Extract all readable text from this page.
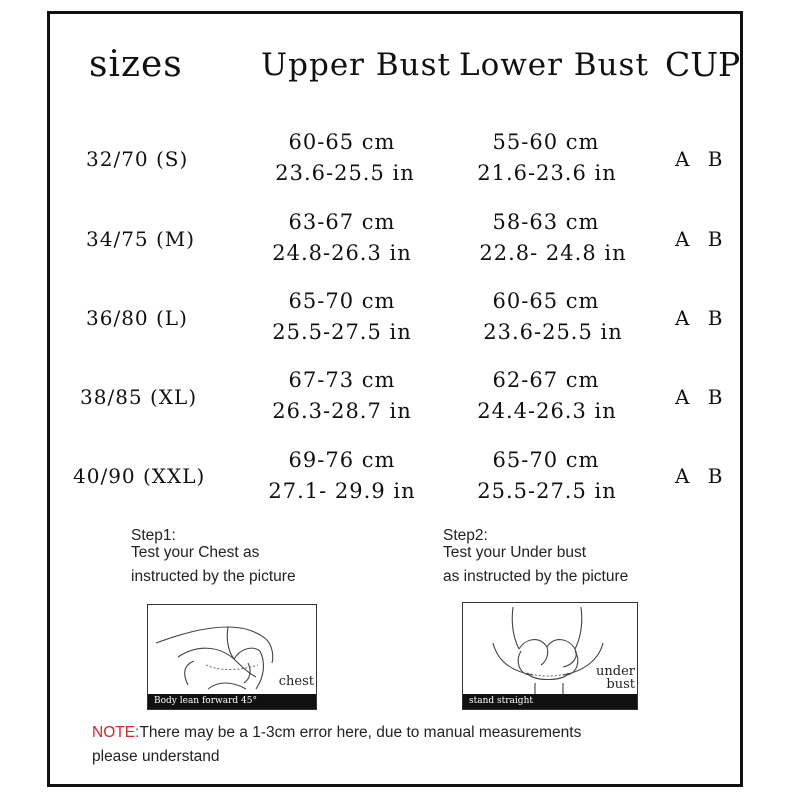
sizes	Upper Bust Lower Bust CUP
32/70 (S)
60-65 cm
23.6-25.5 in
55-60 cm
21.6-23.6 in
A B
34/75 (M)
63-67 cm
24.8-26.3 in
58-63 cm
22.8- 24.8 in
A B
36/80 (L)
65-70 cm
25.5-27.5 in
60-65 cm
23.6-25.5 in
A B
38/85 (XL)
67-73 cm
26.3-28.7 in
62-67 cm
24.4-26.3 in
A B
40/90 (XXL)
69-76 cm
27.1- 29.9 in
65-70 cm
25.5-27.5 in
A B
Step1:
Test your Chest as
instructed by the picture
chest
Body lean forward 45°
Step2:
Test your Under bust
as instructed by the picture
under
bust
stand straight
NOTE:There may be a 1-3cm error here, due to manual measurements
please understand
